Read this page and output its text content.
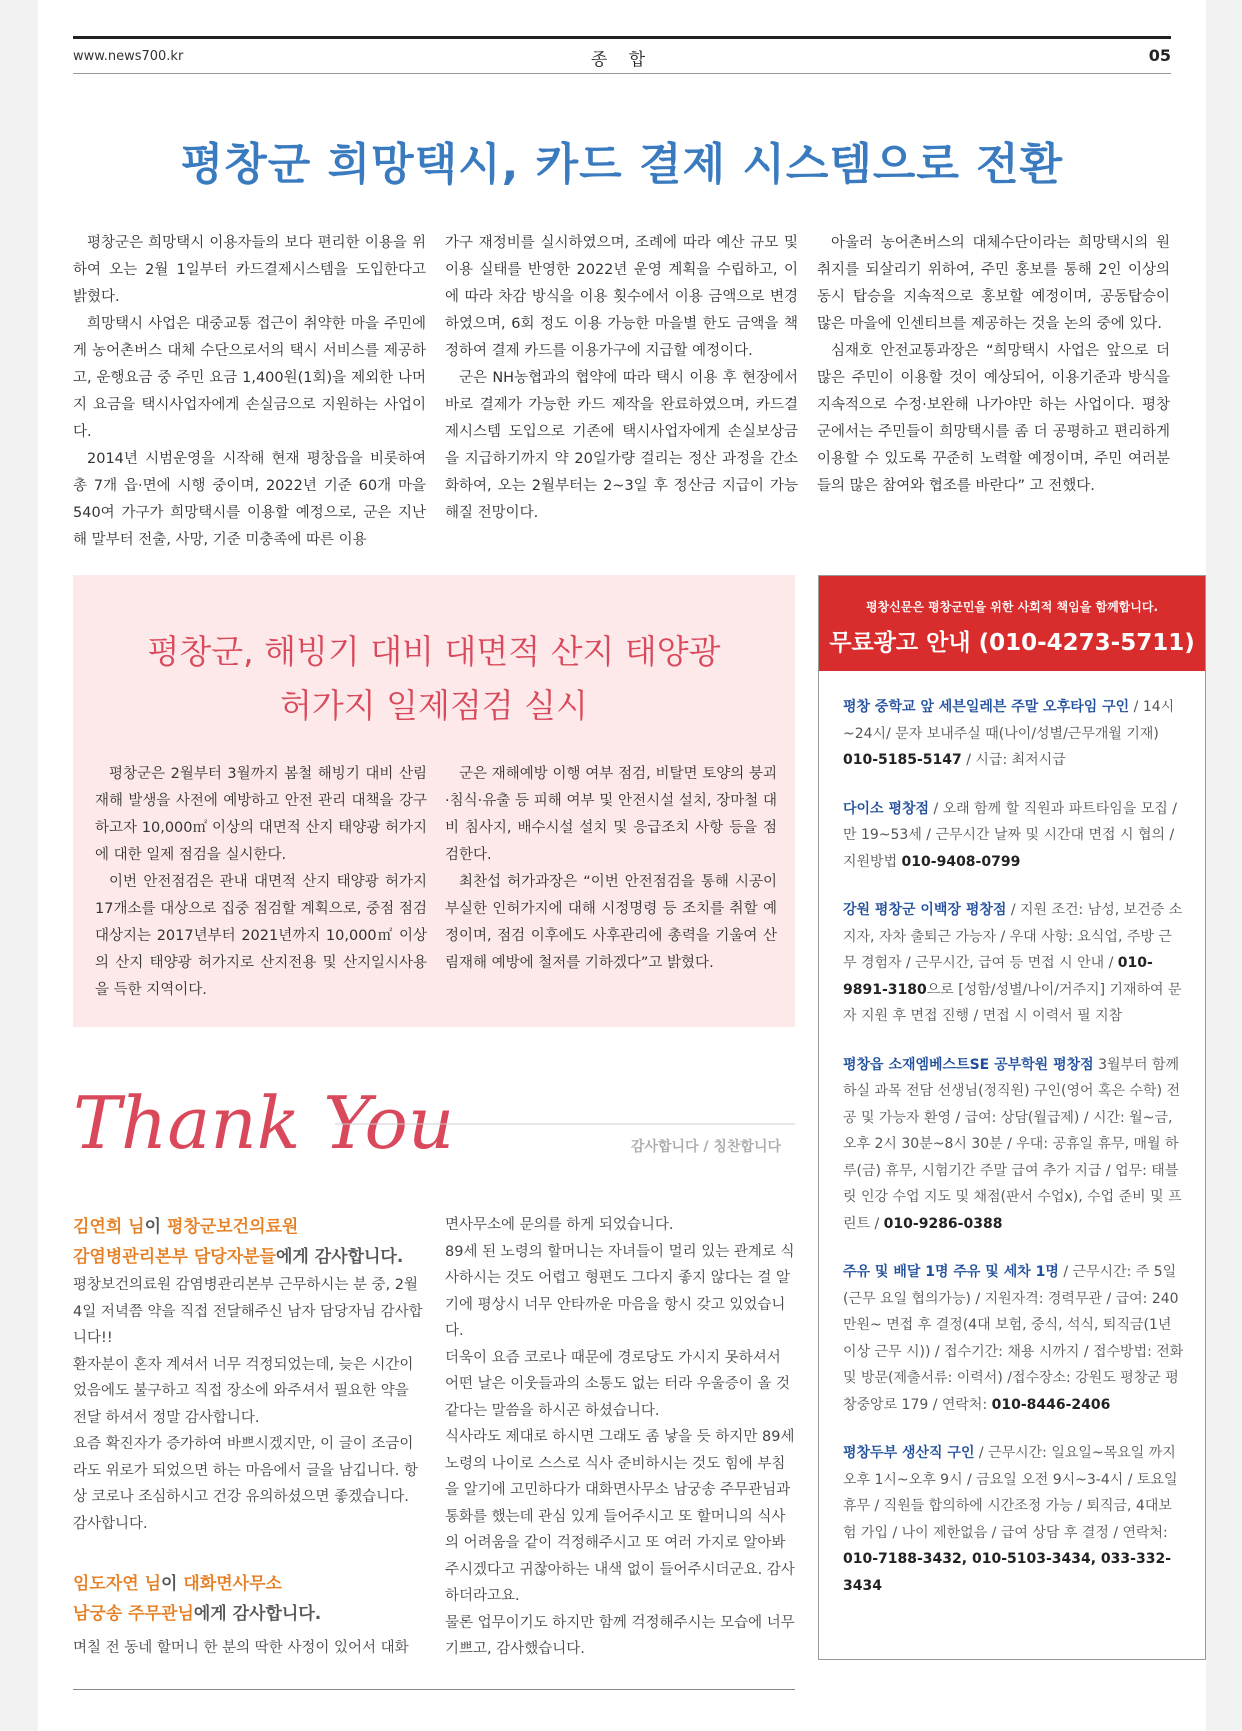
www.news700.kr	종 합	05
평창군 희망택시, 카드 결제 시스템으로 전환

평창군은 희망택시 이용자들의 보다 편리한 이용을 위하여 오는 2월 1일부터 카드결제시스템을 도입한다고 밝혔다.

희망택시 사업은 대중교통 접근이 취약한 마을 주민에게 농어촌버스 대체 수단으로서의 택시 서비스를 제공하고, 운행요금 중 주민 요금 1,400원(1회)을 제외한 나머지 요금을 택시사업자에게 손실금으로 지원하는 사업이다.

2014년 시범운영을 시작해 현재 평창읍을 비롯하여 총 7개 읍·면에 시행 중이며, 2022년 기준 60개 마을 540여 가구가 희망택시를 이용할 예정으로, 군은 지난해 말부터 전출, 사망, 기준 미충족에 따른 이용

가구 재정비를 실시하였으며, 조례에 따라 예산 규모 및 이용 실태를 반영한 2022년 운영 계획을 수립하고, 이에 따라 차감 방식을 이용 횟수에서 이용 금액으로 변경하였으며, 6회 정도 이용 가능한 마을별 한도 금액을 책정하여 결제 카드를 이용가구에 지급할 예정이다.

군은 NH농협과의 협약에 따라 택시 이용 후 현장에서 바로 결제가 가능한 카드 제작을 완료하였으며, 카드결제시스템 도입으로 기존에 택시사업자에게 손실보상금을 지급하기까지 약 20일가량 걸리는 정산 과정을 간소화하여, 오는 2월부터는 2~3일 후 정산금 지급이 가능해질 전망이다.

아울러 농어촌버스의 대체수단이라는 희망택시의 원 취지를 되살리기 위하여, 주민 홍보를 통해 2인 이상의 동시 탑승을 지속적으로 홍보할 예정이며, 공동탑승이 많은 마을에 인센티브를 제공하는 것을 논의 중에 있다.

심재호 안전교통과장은 “희망택시 사업은 앞으로 더 많은 주민이 이용할 것이 예상되어, 이용기준과 방식을 지속적으로 수정·보완해 나가야만 하는 사업이다. 평창군에서는 주민들이 희망택시를 좀 더 공평하고 편리하게 이용할 수 있도록 꾸준히 노력할 예정이며, 주민 여러분들의 많은 참여와 협조를 바란다” 고 전했다.

평창군, 해빙기 대비 대면적 산지 태양광
허가지 일제점검 실시

평창군은 2월부터 3월까지 봄철 해빙기 대비 산림재해 발생을 사전에 예방하고 안전 관리 대책을 강구하고자 10,000㎡ 이상의 대면적 산지 태양광 허가지에 대한 일제 점검을 실시한다.

이번 안전점검은 관내 대면적 산지 태양광 허가지 17개소를 대상으로 집중 점검할 계획으로, 중점 점검 대상지는 2017년부터 2021년까지 10,000㎡ 이상의 산지 태양광 허가지로 산지전용 및 산지일시사용을 득한 지역이다.

군은 재해예방 이행 여부 점검, 비탈면 토양의 붕괴·침식·유출 등 피해 여부 및 안전시설 설치, 장마철 대비 침사지, 배수시설 설치 및 응급조치 사항 등을 점검한다.

최찬섭 허가과장은 “이번 안전점검을 통해 시공이 부실한 인허가지에 대해 시정명령 등 조치를 취할 예정이며, 점검 이후에도 사후관리에 총력을 기울여 산림재해 예방에 철저를 기하겠다”고 밝혔다.

Thank You	감사합니다 / 칭찬합니다
김연희 님이 평창군보건의료원
감염병관리본부 담당자분들에게 감사합니다.

평창보건의료원 감염병관리본부 근무하시는 분 중, 2월 4일 저녁쯤 약을 직접 전달해주신 남자 담당자님 감사합니다!!

환자분이 혼자 계셔서 너무 걱정되었는데, 늦은 시간이었음에도 불구하고 직접 장소에 와주셔서 필요한 약을 전달 하셔서 정말 감사합니다.

요즘 확진자가 증가하여 바쁘시겠지만, 이 글이 조금이라도 위로가 되었으면 하는 마음에서 글을 남깁니다. 항상 코로나 조심하시고 건강 유의하셨으면 좋겠습니다. 감사합니다.

임도자연 님이 대화면사무소
남궁송 주무관님에게 감사합니다.

며칠 전 동네 할머니 한 분의 딱한 사정이 있어서 대화

면사무소에 문의를 하게 되었습니다.

89세 된 노령의 할머니는 자녀들이 멀리 있는 관계로 식사하시는 것도 어렵고 형편도 그다지 좋지 않다는 걸 알기에 평상시 너무 안타까운 마음을 항시 갖고 있었습니다.

더욱이 요즘 코로나 때문에 경로당도 가시지 못하셔서 어떤 날은 이웃들과의 소통도 없는 터라 우울증이 올 것 같다는 말씀을 하시곤 하셨습니다.

식사라도 제대로 하시면 그래도 좀 낳을 듯 하지만 89세 노령의 나이로 스스로 식사 준비하시는 것도 힘에 부침을 알기에 고민하다가 대화면사무소 남궁송 주무관님과 통화를 했는데 관심 있게 들어주시고 또 할머니의 식사의 어려움을 같이 걱정해주시고 또 여러 가지로 알아봐 주시겠다고 귀찮아하는 내색 없이 들어주시더군요. 감사하더라고요.

물론 업무이기도 하지만 함께 걱정해주시는 모습에 너무 기쁘고, 감사했습니다.

평창신문은 평창군민을 위한 사회적 책임을 함께합니다.
무료광고 안내 (010-4273-5711)
평창 중학교 앞 세븐일레븐 주말 오후타임 구인 / 14시~24시/ 문자 보내주실 때(나이/성별/근무개월 기재) 010-5185-5147 / 시급: 최저시급
다이소 평창점 / 오래 함께 할 직원과 파트타임을 모집 / 만 19~53세 / 근무시간 날짜 및 시간대 면접 시 협의 / 지원방법 010-9408-0799
강원 평창군 이백장 평창점 / 지원 조건: 남성, 보건증 소지자, 자차 출퇴근 가능자 / 우대 사항: 요식업, 주방 근무 경험자 / 근무시간, 급여 등 면접 시 안내 / 010-9891-3180으로 [성함/성별/나이/거주지] 기재하여 문자 지원 후 면접 진행 / 면접 시 이력서 필 지참
평창읍 소재엠베스트SE 공부학원 평창점 3월부터 함께 하실 과목 전담 선생님(정직원) 구인(영어 혹은 수학) 전공 및 가능자 환영 / 급여: 상담(월급제) / 시간: 월~금, 오후 2시 30분~8시 30분 / 우대: 공휴일 휴무, 매월 하루(금) 휴무, 시험기간 주말 급여 추가 지급 / 업무: 태블릿 인강 수업 지도 및 채점(판서 수업x), 수업 준비 및 프린트 / 010-9286-0388
주유 및 배달 1명 주유 및 세차 1명 / 근무시간: 주 5일(근무 요일 협의가능) / 지원자격: 경력무관 / 급여: 240만원~ 면접 후 결정(4대 보험, 중식, 석식, 퇴직금(1년 이상 근무 시)) / 접수기간: 채용 시까지 / 접수방법: 전화 및 방문(제출서류: 이력서) /접수장소: 강원도 평창군 평창중앙로 179 / 연락처: 010-8446-2406
평창두부 생산직 구인 / 근무시간: 일요일~목요일 까지 오후 1시~오후 9시 / 금요일 오전 9시~3-4시 / 토요일 휴무 / 직원들 합의하에 시간조정 가능 / 퇴직금, 4대보험 가입 / 나이 제한없음 / 급여 상담 후 결정 / 연락처: 010-7188-3432, 010-5103-3434, 033-332-3434
